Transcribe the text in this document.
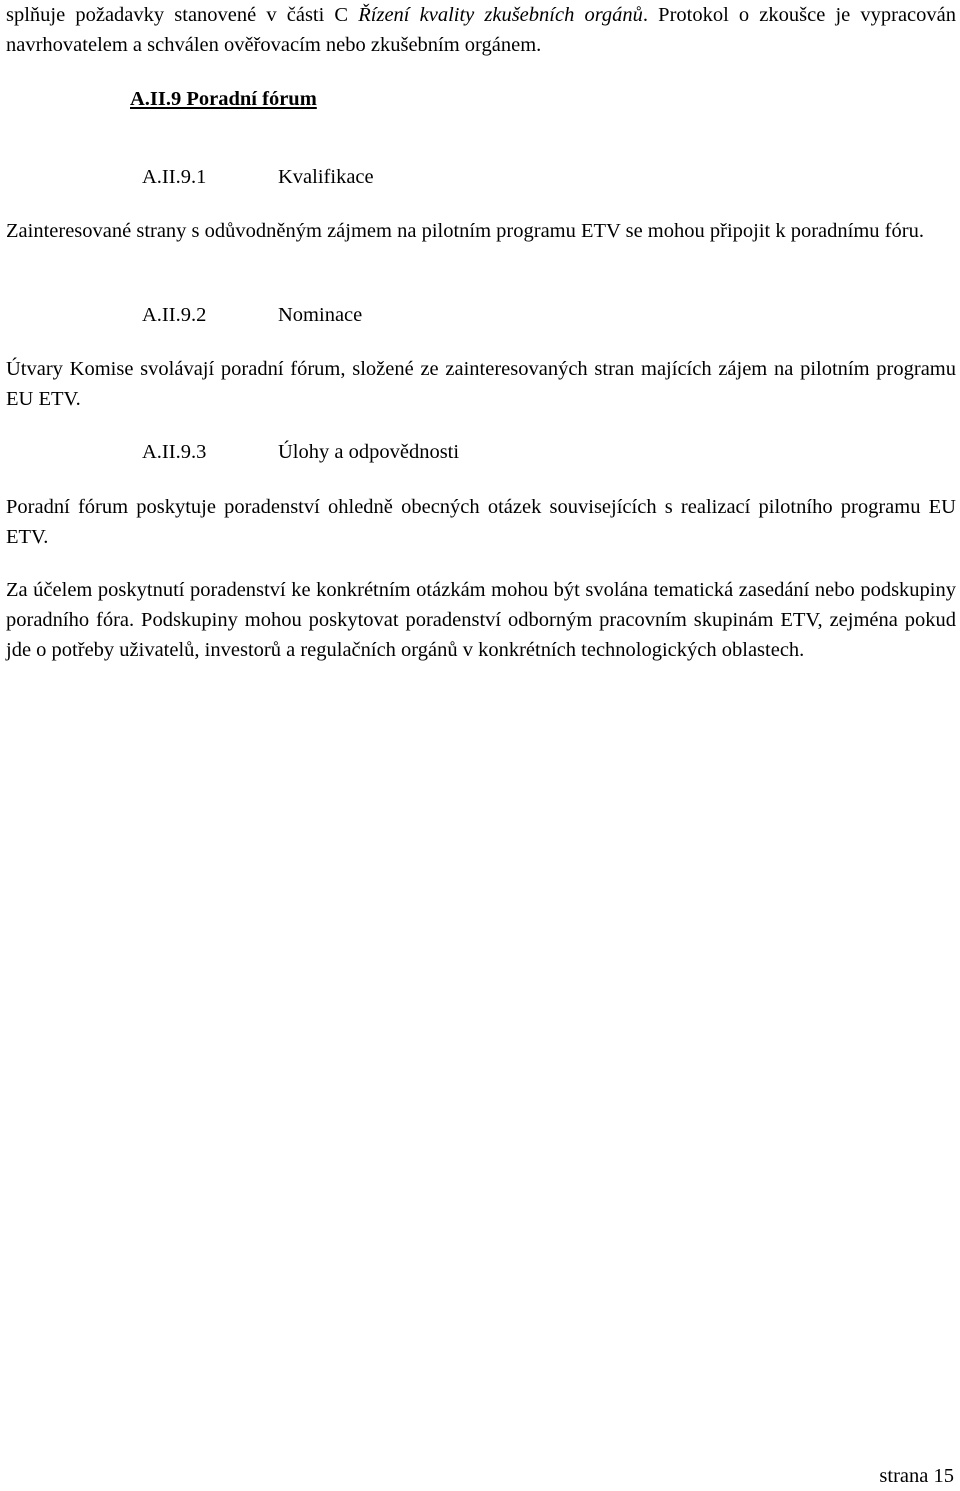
splňuje požadavky stanovené v části C Řízení kvality zkušebních orgánů. Protokol o zkoušce je vypracován navrhovatelem a schválen ověřovacím nebo zkušebním orgánem.

A.II.9 Poradní fórum
A.II.9.1	Kvalifikace

Zainteresované strany s odůvodněným zájmem na pilotním programu ETV se mohou připojit k poradnímu fóru.

A.II.9.2	Nominace

Útvary Komise svolávají poradní fórum, složené ze zainteresovaných stran majících zájem na pilotním programu EU ETV.

A.II.9.3	Úlohy a odpovědnosti

Poradní fórum poskytuje poradenství ohledně obecných otázek souvisejících s realizací pilotního programu EU ETV.

Za účelem poskytnutí poradenství ke konkrétním otázkám mohou být svolána tematická zasedání nebo podskupiny poradního fóra. Podskupiny mohou poskytovat poradenství odborným pracovním skupinám ETV, zejména pokud jde o potřeby uživatelů, investorů a regulačních orgánů v konkrétních technologických oblastech.

strana 15
